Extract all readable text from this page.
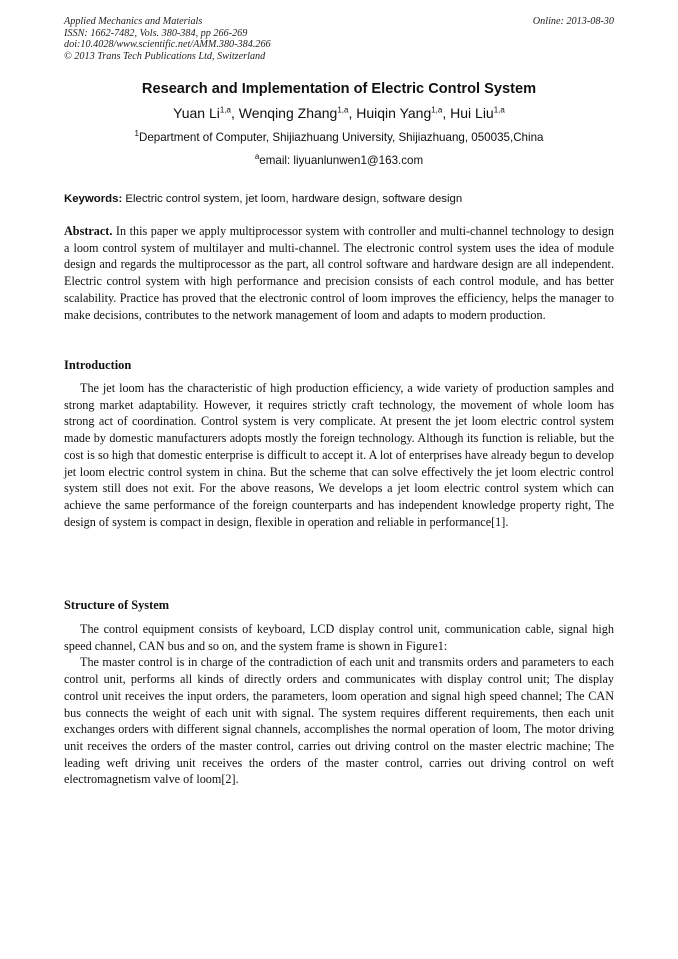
Applied Mechanics and Materials
ISSN: 1662-7482, Vols. 380-384, pp 266-269
doi:10.4028/www.scientific.net/AMM.380-384.266
© 2013 Trans Tech Publications Ltd, Switzerland
Online: 2013-08-30
Research and Implementation of Electric Control System
Yuan Li$^{1,a}$, Wenqing Zhang$^{1,a}$, Huiqin Yang$^{1,a}$, Hui Liu$^{1,a}$
$^1$Department of Computer, Shijiazhuang University, Shijiazhuang, 050035,China
$^a$email: liyuanlunwen1@163.com
Keywords: Electric control system, jet loom, hardware design, software design

Abstract. In this paper we apply multiprocessor system with controller and multi-channel technology to design a loom control system of multilayer and multi-channel. The electronic control system uses the idea of module design and regards the multiprocessor as the part, all control software and hardware design are all independent. Electric control system with high performance and precision consists of each control module, and has better scalability. Practice has proved that the electronic control of loom improves the efficiency, helps the manager to make decisions, contributes to the network management of loom and adapts to modern production.

Introduction

The jet loom has the characteristic of high production efficiency, a wide variety of production samples and strong market adaptability. However, it requires strictly craft technology, the movement of whole loom has strong act of coordination. Control system is very complicate. At present the jet loom electric control system made by domestic manufacturers adopts mostly the foreign technology. Although its function is reliable, but the cost is so high that domestic enterprise is difficult to accept it. A lot of enterprises have already begun to develop jet loom electric control system in china. But the scheme that can solve effectively the jet loom electric control system still does not exit. For the above reasons, We develops a jet loom electric control system which can achieve the same performance of the foreign counterparts and has independent knowledge property right, The design of system is compact in design, flexible in operation and reliable in performance[1].

Structure of System

The control equipment consists of keyboard, LCD display control unit, communication cable, signal high speed channel, CAN bus and so on, and the system frame is shown in Figure1:

The master control is in charge of the contradiction of each unit and transmits orders and parameters to each control unit, performs all kinds of directly orders and communicates with display control unit; The display control unit receives the input orders, the parameters, loom operation and signal high speed channel; The CAN bus connects the weight of each unit with signal. The system requires different requirements, then each unit exchanges orders with different signal channels, accomplishes the normal operation of loom, The motor driving unit receives the orders of the master control, carries out driving control on the master electric machine; The leading weft driving unit receives the orders of the master control, carries out driving control on weft electromagnetism valve of loom[2].
